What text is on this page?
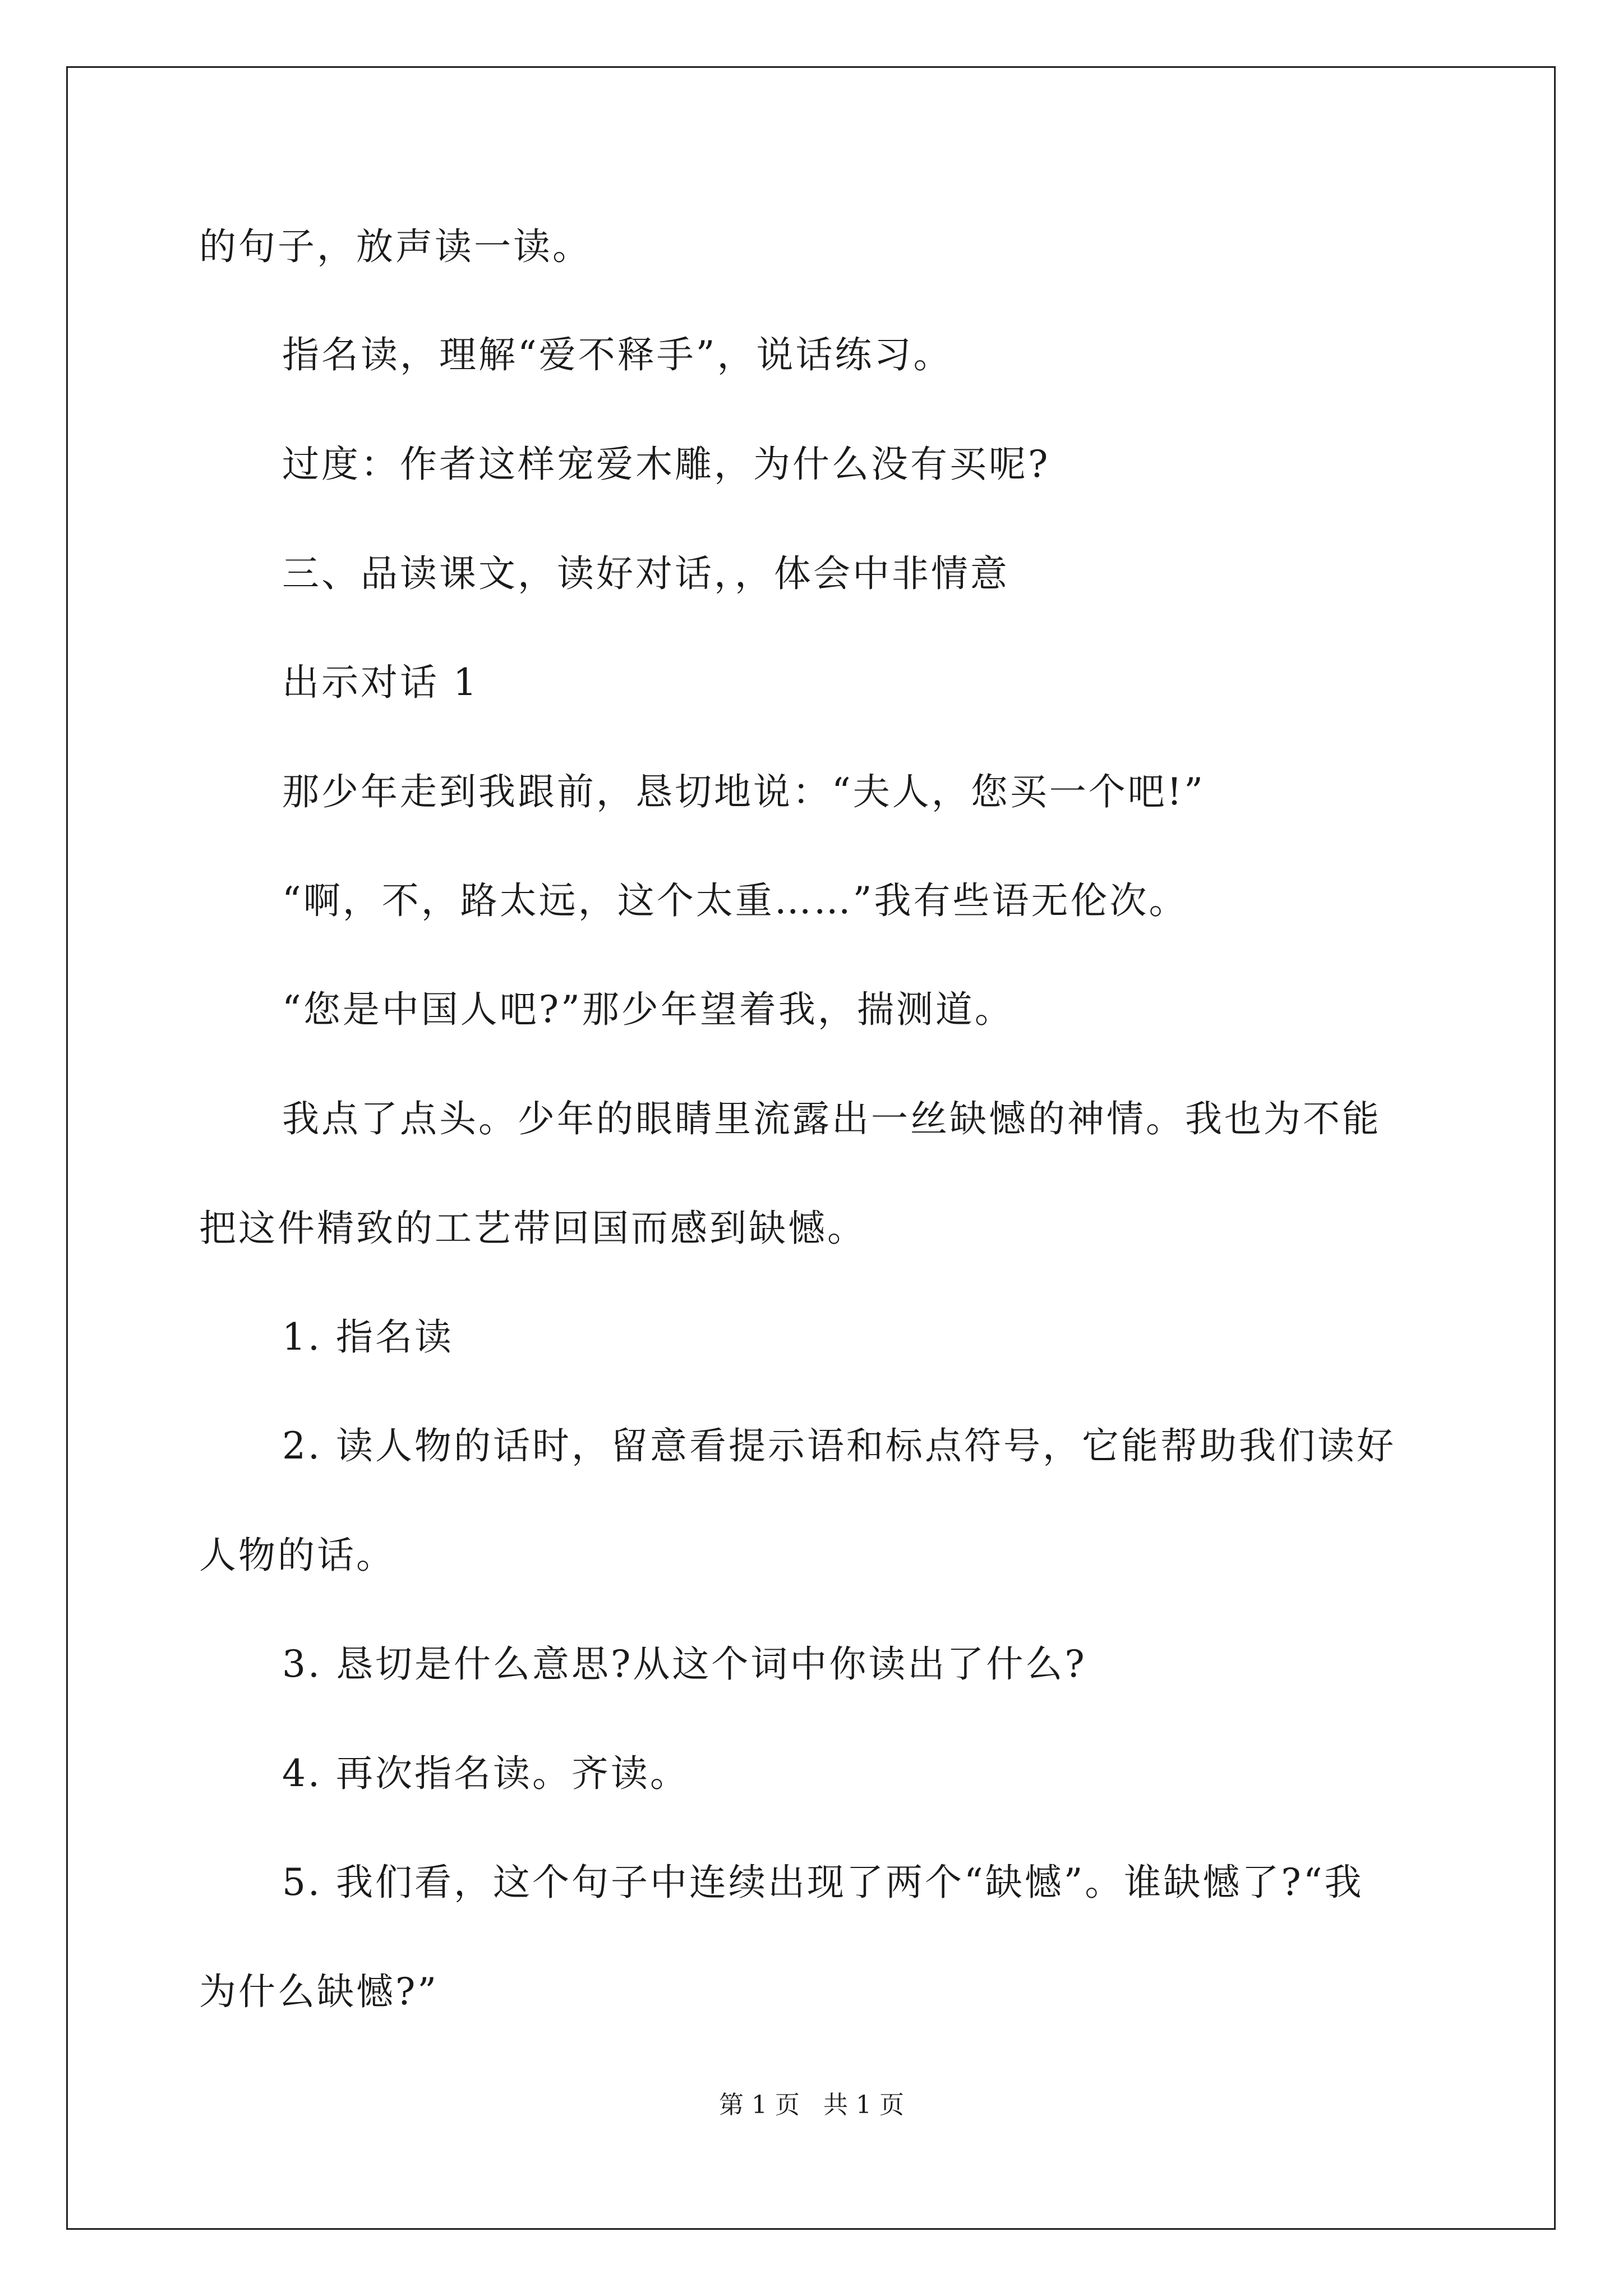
的句子，放声读一读。
指名读，理解“爱不释手”，说话练习。
过度：作者这样宠爱木雕，为什么没有买呢?
三、品读课文，读好对话，，体会中非情意
出示对话 1
那少年走到我跟前，恳切地说：“夫人，您买一个吧!”
“啊，不，路太远，这个太重……”我有些语无伦次。
“您是中国人吧?”那少年望着我，揣测道。
我点了点头。少年的眼睛里流露出一丝缺憾的神情。我也为不能
把这件精致的工艺带回国而感到缺憾。
1. 指名读
2. 读人物的话时，留意看提示语和标点符号，它能帮助我们读好
人物的话。
3. 恳切是什么意思?从这个词中你读出了什么?
4. 再次指名读。齐读。
5. 我们看，这个句子中连续出现了两个“缺憾”。谁缺憾了?“我
为什么缺憾?”
第 1 页   共 1 页
